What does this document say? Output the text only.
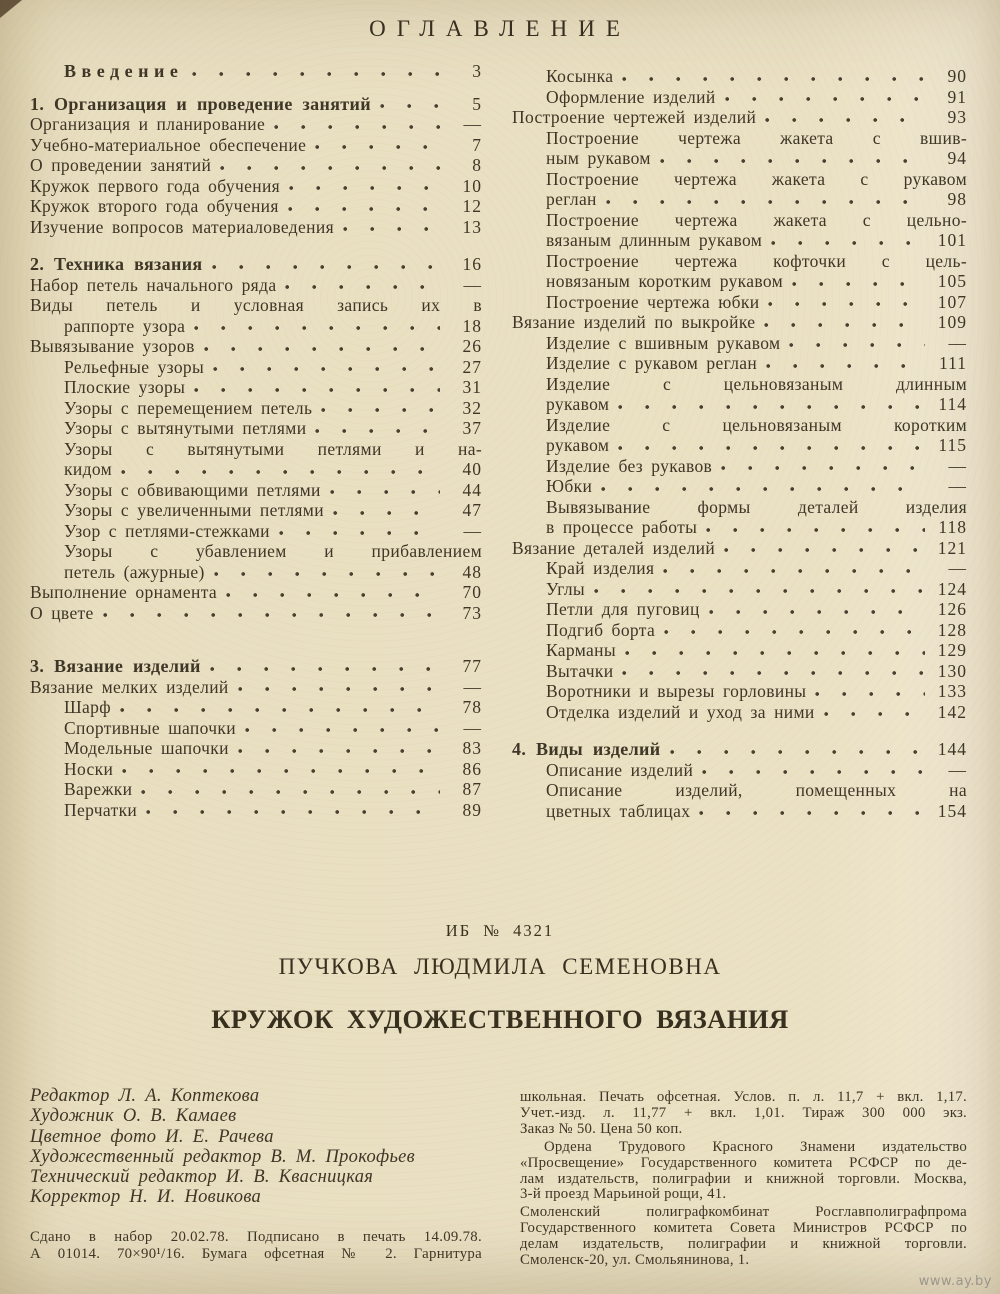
ОГЛАВЛЕНИЕ
Введение	3
1. Организация и проведение занятий	5
Организация и планирование	—
Учебно-материальное обеспечение	7
О проведении занятий	8
Кружок первого года обучения	10
Кружок второго года обучения	12
Изучение вопросов материаловедения	13
2. Техника вязания	16
Набор петель начального ряда	—
Виды петель и условная запись их в
раппорте узора	18
Вывязывание узоров	26
Рельефные узоры	27
Плоские узоры	31
Узоры с перемещением петель	32
Узоры с вытянутыми петлями	37
Узоры с вытянутыми петлями и на-
кидом	40
Узоры с обвивающими петлями	44
Узоры с увеличенными петлями	47
Узор с петлями-стежками	—
Узоры с убавлением и прибавлением
петель (ажурные)	48
Выполнение орнамента	70
О цвете	73
3. Вязание изделий	77
Вязание мелких изделий	—
Шарф	78
Спортивные шапочки	—
Модельные шапочки	83
Носки	86
Варежки	87
Перчатки	89
Косынка	90
Оформление изделий	91
Построение чертежей изделий	93
Построение чертежа жакета с вшив-
ным рукавом	94
Построение чертежа жакета с рукавом
реглан	98
Построение чертежа жакета с цельно-
вязаным длинным рукавом	101
Построение чертежа кофточки с цель-
новязаным коротким рукавом	105
Построение чертежа юбки	107
Вязание изделий по выкройке	109
Изделие с вшивным рукавом	—
Изделие с рукавом реглан	111
Изделие с цельновязаным длинным
рукавом	114
Изделие с цельновязаным коротким
рукавом	115
Изделие без рукавов	—
Юбки	—
Вывязывание формы деталей изделия
в процессе работы	118
Вязание деталей изделий	121
Край изделия	—
Углы	124
Петли для пуговиц	126
Подгиб борта	128
Карманы	129
Вытачки	130
Воротники и вырезы горловины	133
Отделка изделий и уход за ними	142
4. Виды изделий	144
Описание изделий	—
Описание изделий, помещенных на
цветных таблицах	154
ИБ № 4321
ПУЧКОВА ЛЮДМИЛА СЕМЕНОВНА
КРУЖОК ХУДОЖЕСТВЕННОГО ВЯЗАНИЯ
Редактор Л. А. Коптекова
Художник О. В. Камаев
Цветное фото И. Е. Рачева
Художественный редактор В. М. Прокофьев
Технический редактор И. В. Квасницкая
Корректор Н. И. Новикова
Сдано в набор 20.02.78. Подписано в печать 14.09.78.
А 01014. 70×90¹/16. Бумага офсетная № 2. Гарнитура

школьная. Печать офсетная. Услов. п. л. 11,7 + вкл. 1,17.
Учет.-изд. л. 11,77 + вкл. 1,01. Тираж 300 000 экз.
Заказ № 50. Цена 50 коп.

Ордена Трудового Красного Знамени издательство
«Просвещение» Государственного комитета РСФСР по де-
лам издательств, полиграфии и книжной торговли. Москва,
3-й проезд Марьиной рощи, 41.

Смоленский полиграфкомбинат Росглавполиграфпрома
Государственного комитета Совета Министров РСФСР по
делам издательств, полиграфии и книжной торговли.
Смоленск-20, ул. Смольянинова, 1.

www.ay.by
